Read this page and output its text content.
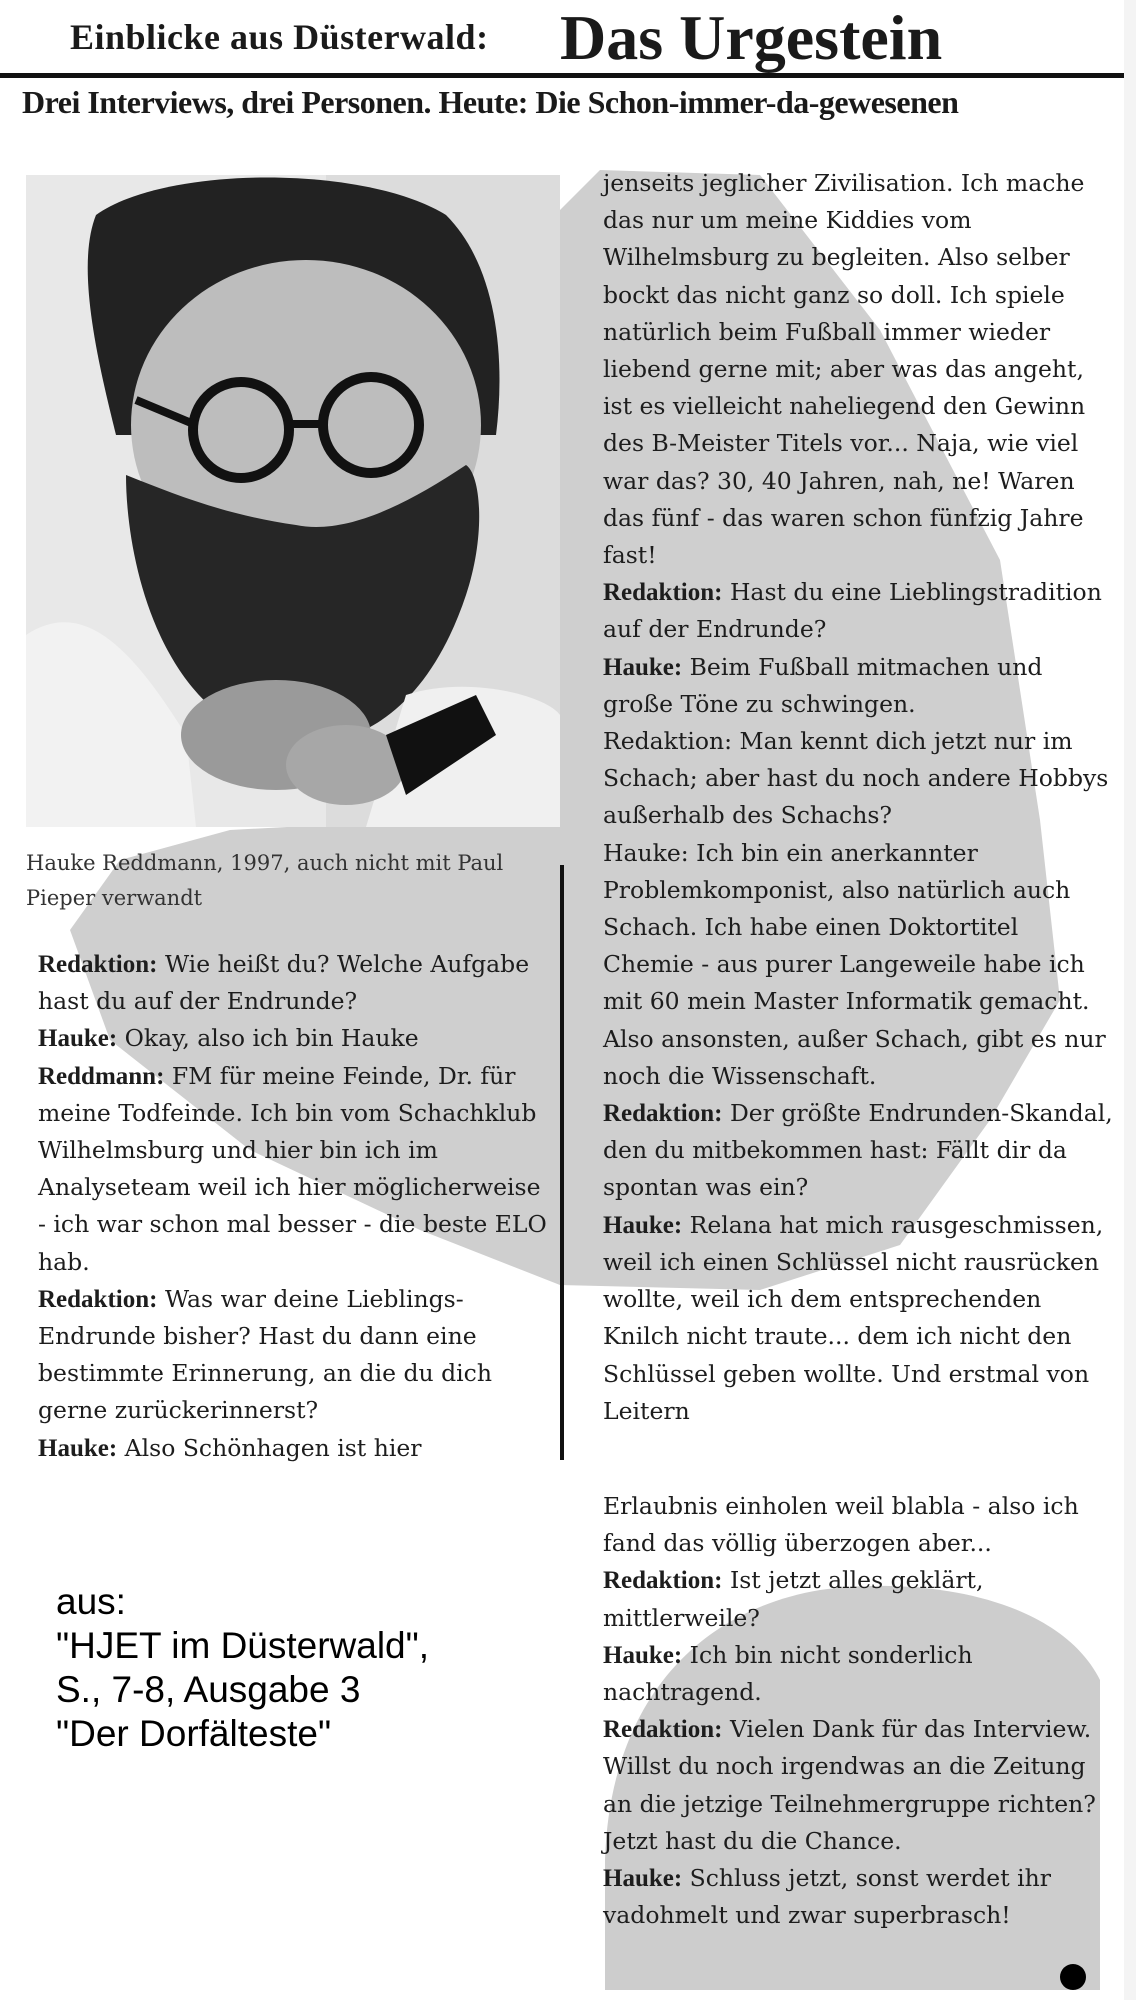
Einblicke aus Düsterwald: Das Urgestein
Drei Interviews, drei Personen. Heute: Die Schon-immer-da-gewesenen
Hauke Reddmann, 1997, auch nicht mit Paul Pieper verwandt

Redaktion: Wie heißt du? Welche Aufgabe hast du auf der Endrunde?

Hauke: Okay, also ich bin Hauke

Reddmann: FM für meine Feinde, Dr. für meine Todfeinde. Ich bin vom Schachklub Wilhelmsburg und hier bin ich im Analyseteam weil ich hier möglicherweise - ich war schon mal besser - die beste ELO hab.

Redaktion: Was war deine Lieblings-Endrunde bisher? Hast du dann eine bestimmte Erinnerung, an die du dich gerne zurückerinnerst?

Hauke: Also Schönhagen ist hier

jenseits jeglicher Zivilisation. Ich mache das nur um meine Kiddies vom Wilhelmsburg zu begleiten. Also selber bockt das nicht ganz so doll. Ich spiele natürlich beim Fußball immer wieder liebend gerne mit; aber was das angeht, ist es vielleicht naheliegend den Gewinn des B-Meister Titels vor... Naja, wie viel war das? 30, 40 Jahren, nah, ne! Waren das fünf - das waren schon fünfzig Jahre fast!

Redaktion: Hast du eine Lieblingstradition auf der Endrunde?

Hauke: Beim Fußball mitmachen und große Töne zu schwingen.

Redaktion: Man kennt dich jetzt nur im Schach; aber hast du noch andere Hobbys außerhalb des Schachs?

Hauke: Ich bin ein anerkannter Problemkomponist, also natürlich auch Schach. Ich habe einen Doktortitel Chemie - aus purer Langeweile habe ich mit 60 mein Master Informatik gemacht. Also ansonsten, außer Schach, gibt es nur noch die Wissenschaft.

Redaktion: Der größte Endrunden-Skandal, den du mitbekommen hast: Fällt dir da spontan was ein?

Hauke: Relana hat mich rausgeschmissen, weil ich einen Schlüssel nicht rausrücken wollte, weil ich dem entsprechenden Knilch nicht traute... dem ich nicht den Schlüssel geben wollte. Und erstmal von Leitern

Erlaubnis einholen weil blabla - also ich fand das völlig überzogen aber...

Redaktion: Ist jetzt alles geklärt, mittlerweile?

Hauke: Ich bin nicht sonderlich nachtragend.

Redaktion: Vielen Dank für das Interview. Willst du noch irgendwas an die Zeitung an die jetzige Teilnehmergruppe richten? Jetzt hast du die Chance.

Hauke: Schluss jetzt, sonst werdet ihr vadohmelt und zwar superbrasch!

aus:
"HJET im Düsterwald",
S., 7-8, Ausgabe 3
"Der Dorfälteste"
